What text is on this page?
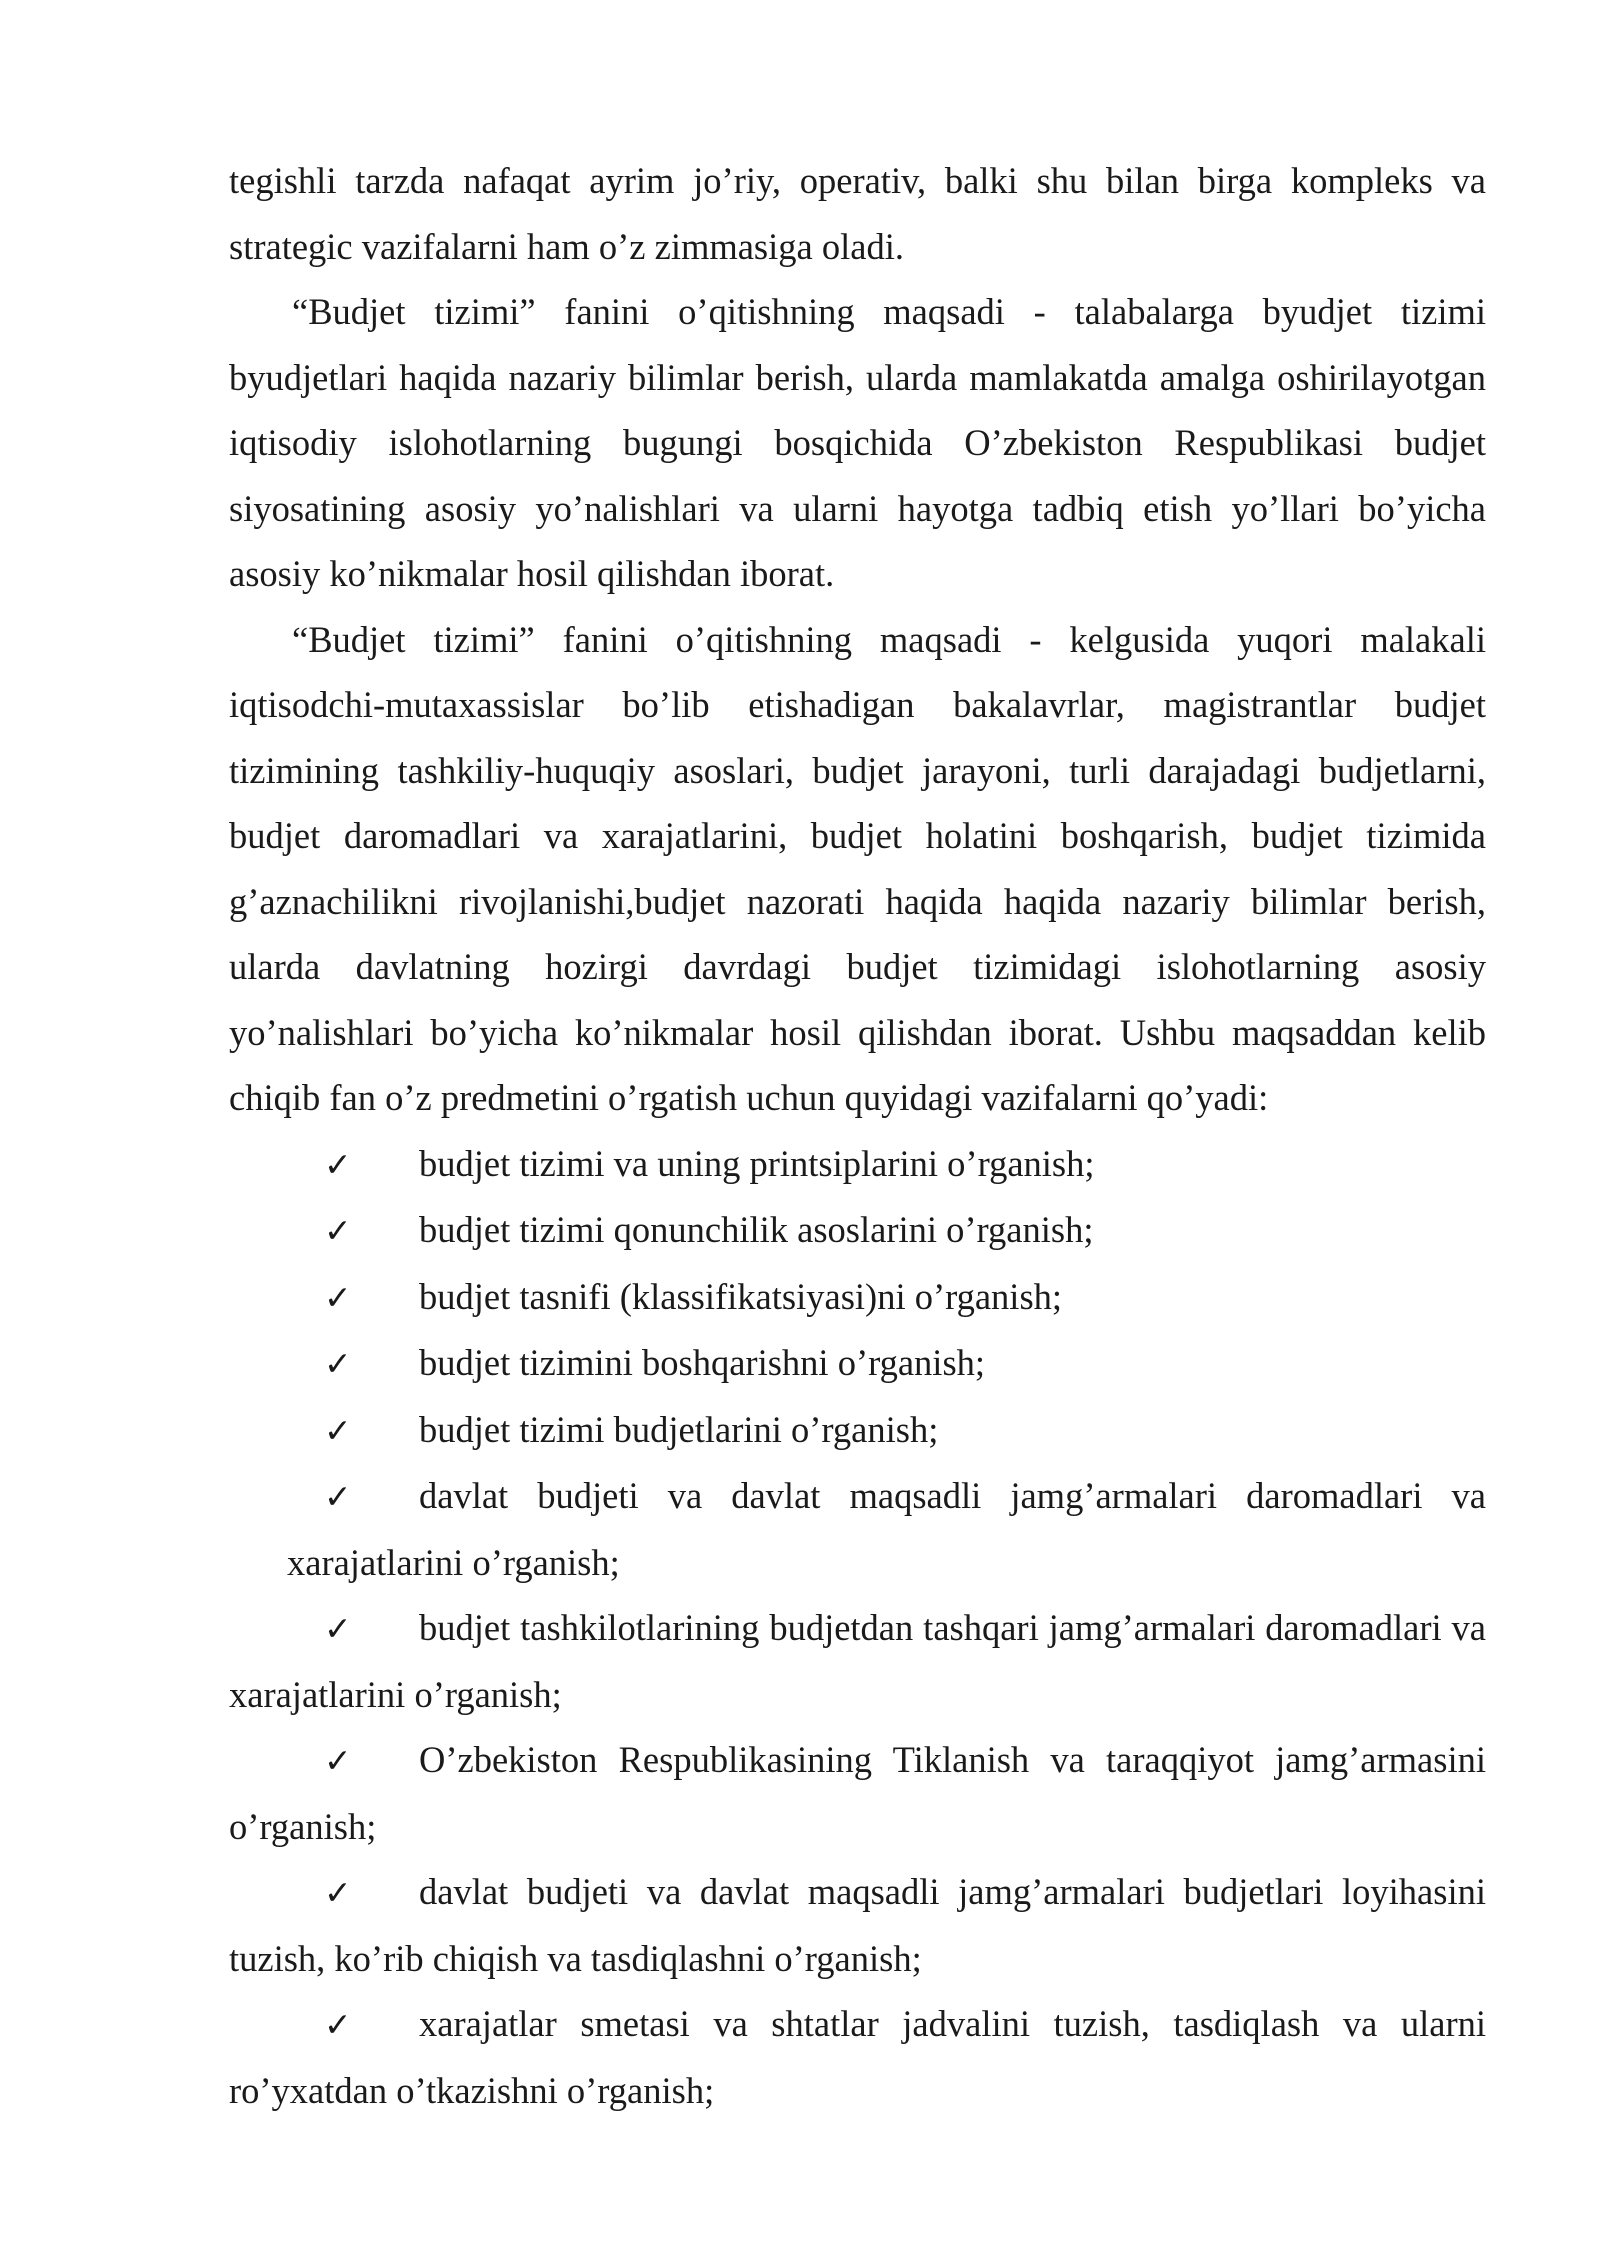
tegishli tarzda nafaqat ayrim jo’riy, operativ, balki shu bilan birga kompleks va strategic vazifalarni ham o’z zimmasiga oladi.

“Budjet tizimi” fanini o’qitishning maqsadi - talabalarga byudjet tizimi byudjetlari haqida nazariy bilimlar berish, ularda mamlakatda amalga oshirilayotgan iqtisodiy islohotlarning bugungi bosqichida O’zbekiston Respublikasi budjet siyosatining asosiy yo’nalishlari va ularni hayotga tadbiq etish yo’llari bo’yicha asosiy ko’nikmalar hosil qilishdan iborat.

“Budjet tizimi” fanini o’qitishning maqsadi - kelgusida yuqori malakali iqtisodchi-mutaxassislar bo’lib etishadigan bakalavrlar, magistrantlar budjet tizimining tashkiliy-huquqiy asoslari, budjet jarayoni, turli darajadagi budjetlarni, budjet daromadlari va xarajatlarini, budjet holatini boshqarish, budjet tizimida g’aznachilikni rivojlanishi,budjet nazorati haqida haqida nazariy bilimlar berish, ularda davlatning hozirgi davrdagi budjet tizimidagi islohotlarning asosiy yo’nalishlari bo’yicha ko’nikmalar hosil qilishdan iborat. Ushbu maqsaddan kelib chiqib fan o’z predmetini o’rgatish uchun quyidagi vazifalarni qo’yadi:

✓ budjet tizimi va uning printsiplarini o’rganish;

✓ budjet tizimi qonunchilik asoslarini o’rganish;

✓ budjet tasnifi (klassifikatsiyasi)ni o’rganish;

✓ budjet tizimini boshqarishni o’rganish;

✓ budjet tizimi budjetlarini o’rganish;

✓ davlat budjeti va davlat maqsadli jamg’armalari daromadlari va xarajatlarini o’rganish;

✓ budjet tashkilotlarining budjetdan tashqari jamg’armalari daromadlari va xarajatlarini o’rganish;

✓ O’zbekiston Respublikasining Tiklanish va taraqqiyot jamg’armasini o’rganish;

✓ davlat budjeti va davlat maqsadli jamg’armalari budjetlari loyihasini tuzish, ko’rib chiqish va tasdiqlashni o’rganish;

✓ xarajatlar smetasi va shtatlar jadvalini tuzish, tasdiqlash va ularni ro’yxatdan o’tkazishni o’rganish;
